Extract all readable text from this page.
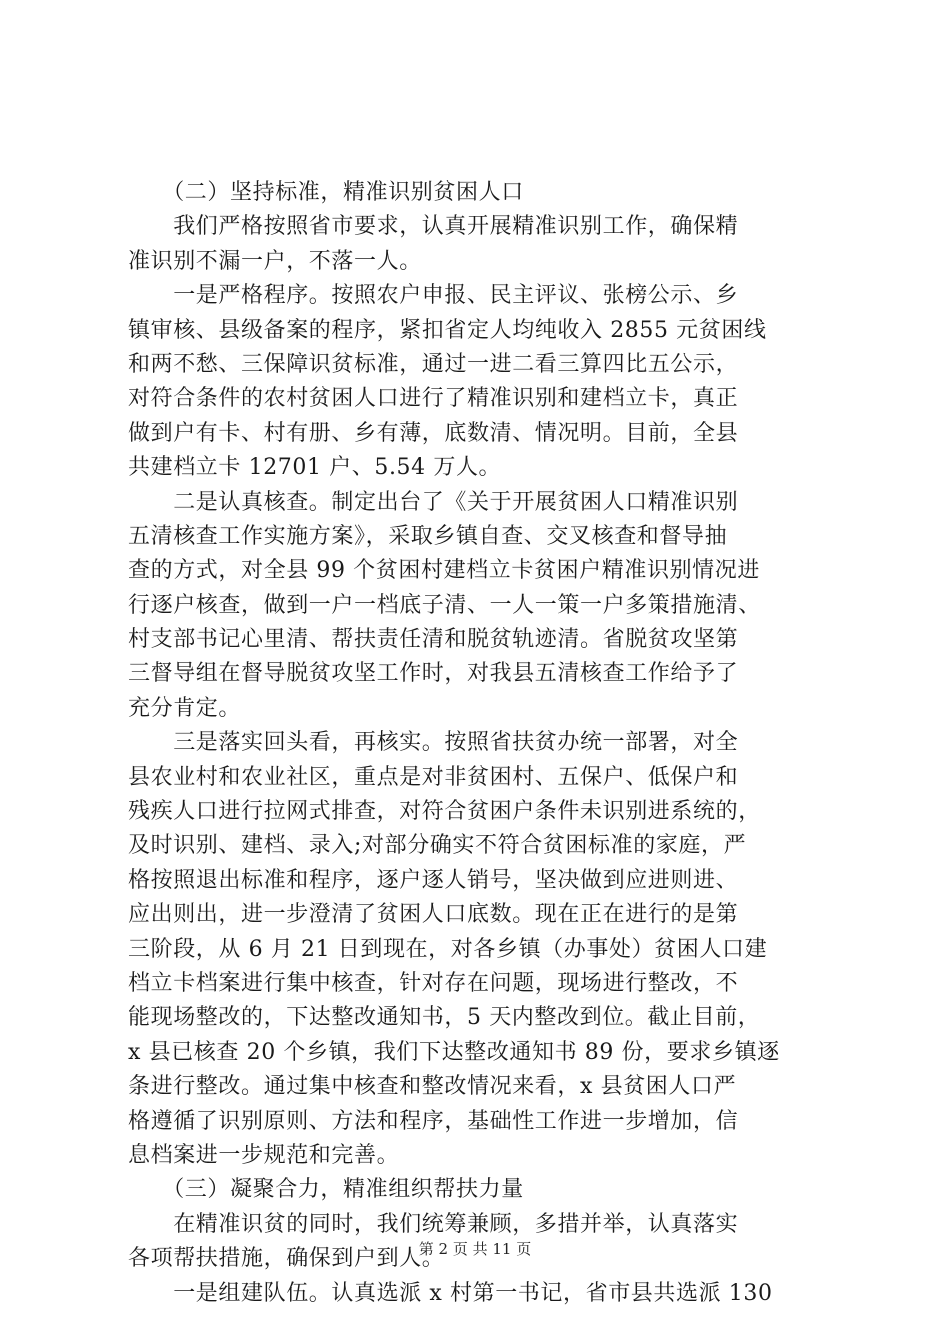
　　（二）坚持标准，精准识别贫困人口
　　我们严格按照省市要求，认真开展精准识别工作，确保精
准识别不漏一户，不落一人。
　　一是严格程序。按照农户申报、民主评议、张榜公示、乡
镇审核、县级备案的程序，紧扣省定人均纯收入 2855 元贫困线
和两不愁、三保障识贫标准，通过一进二看三算四比五公示，
对符合条件的农村贫困人口进行了精准识别和建档立卡，真正
做到户有卡、村有册、乡有薄，底数清、情况明。目前，全县
共建档立卡 12701 户、5.54 万人。
　　二是认真核查。制定出台了《关于开展贫困人口精准识别
五清核查工作实施方案》，采取乡镇自查、交叉核查和督导抽
查的方式，对全县 99 个贫困村建档立卡贫困户精准识别情况进
行逐户核查，做到一户一档底子清、一人一策一户多策措施清、
村支部书记心里清、帮扶责任清和脱贫轨迹清。省脱贫攻坚第
三督导组在督导脱贫攻坚工作时，对我县五清核查工作给予了
充分肯定。
　　三是落实回头看，再核实。按照省扶贫办统一部署，对全
县农业村和农业社区，重点是对非贫困村、五保户、低保户和
残疾人口进行拉网式排查，对符合贫困户条件未识别进系统的，
及时识别、建档、录入;对部分确实不符合贫困标准的家庭，严
格按照退出标准和程序，逐户逐人销号，坚决做到应进则进、
应出则出，进一步澄清了贫困人口底数。现在正在进行的是第
三阶段，从 6 月 21 日到现在，对各乡镇（办事处）贫困人口建
档立卡档案进行集中核查，针对存在问题，现场进行整改，不
能现场整改的，下达整改通知书，5 天内整改到位。截止目前，
x 县已核查 20 个乡镇，我们下达整改通知书 89 份，要求乡镇逐
条进行整改。通过集中核查和整改情况来看，x 县贫困人口严
格遵循了识别原则、方法和程序，基础性工作进一步增加，信
息档案进一步规范和完善。
　　（三）凝聚合力，精准组织帮扶力量
　　在精准识贫的同时，我们统筹兼顾，多措并举，认真落实
各项帮扶措施，确保到户到人。
　　一是组建队伍。认真选派 x 村第一书记，省市县共选派 130
第 2 页 共 11 页
